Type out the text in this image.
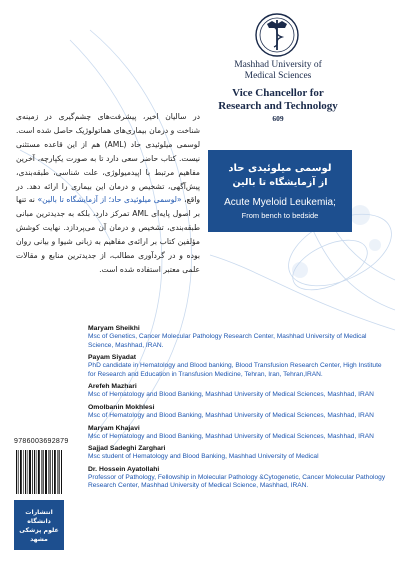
Mashhad University of
Medical Sciences
Vice Chancellor for
Research and Technology
609
در سالیان اخیر، پیشرفت‌های چشم‌گیری در زمینه‌ی شناخت و درمان بیماری‌های هماتولوژیک حاصل شده است. لوسمی میلوئیدی حاد (AML) هم از این قاعده مستثنی نیست. کتاب حاضر سعی دارد تا به صورت یکپارچه، آخرین مفاهیم مرتبط با اپیدمیولوژی، علت شناسی، طبقه‌بندی، پیش‌آگهی، تشخیص و درمان این بیماری را ارائه دهد. در واقع، «لوسمی میلوئیدی حاد؛ از آزمایشگاه تا بالین» نه تنها بر اصول پایه‌ای AML تمرکز دارد، بلکه به جدیدترین مبانی طبقه‌بندی، تشخیص و درمان آن می‌پردازد. نهایت کوشش مؤلفین کتاب بر ارائه‌ی مفاهیم به زبانی شیوا و بیانی روان بوده و در گردآوری مطالب، از جدیدترین منابع و مقالات علمی معتبر استفاده شده است.
لوسمی میلوئیدی حاد
از آزمایشگاه تا بالین
Acute Myeloid Leukemia;
From bench to bedside
9786003692879
انتشارات دانشگاه
علوم پزشکی مشهد
Maryam Sheikhi
Msc of Genetics, Cancer Molecular Pathology Research Center, Mashhad University of Medical Science, Mashhad, IRAN.
Payam Siyadat
PhD candidate in Hematology and Blood banking, Blood Transfusion Research Center, High Institute for Research and Education in Transfusion Medicine, Tehran, Iran, Tehran,IRAN.
Arefeh Mazhari
Msc of Hematology and Blood Banking, Mashhad University of Medical Sciences, Mashhad, IRAN
Omolbanin Mokhlesi
Msc of Hematology and Blood Banking, Mashhad University of Medical Sciences, Mashhad, IRAN
Maryam Khajavi
Msc of Hematology and Blood Banking, Mashhad University of Medical Sciences, Mashhad, IRAN
Sajjad Sadeghi Zarghari
Msc student of Hematology and Blood Banking, Mashhad University of Medical
Dr. Hossein Ayatollahi
Professor of Pathology, Fellowship in Molecular Pathology &Cytogenetic, Cancer Molecular Pathology Research Center, Mashhad University of Medical Science, Mashhad, IRAN.
